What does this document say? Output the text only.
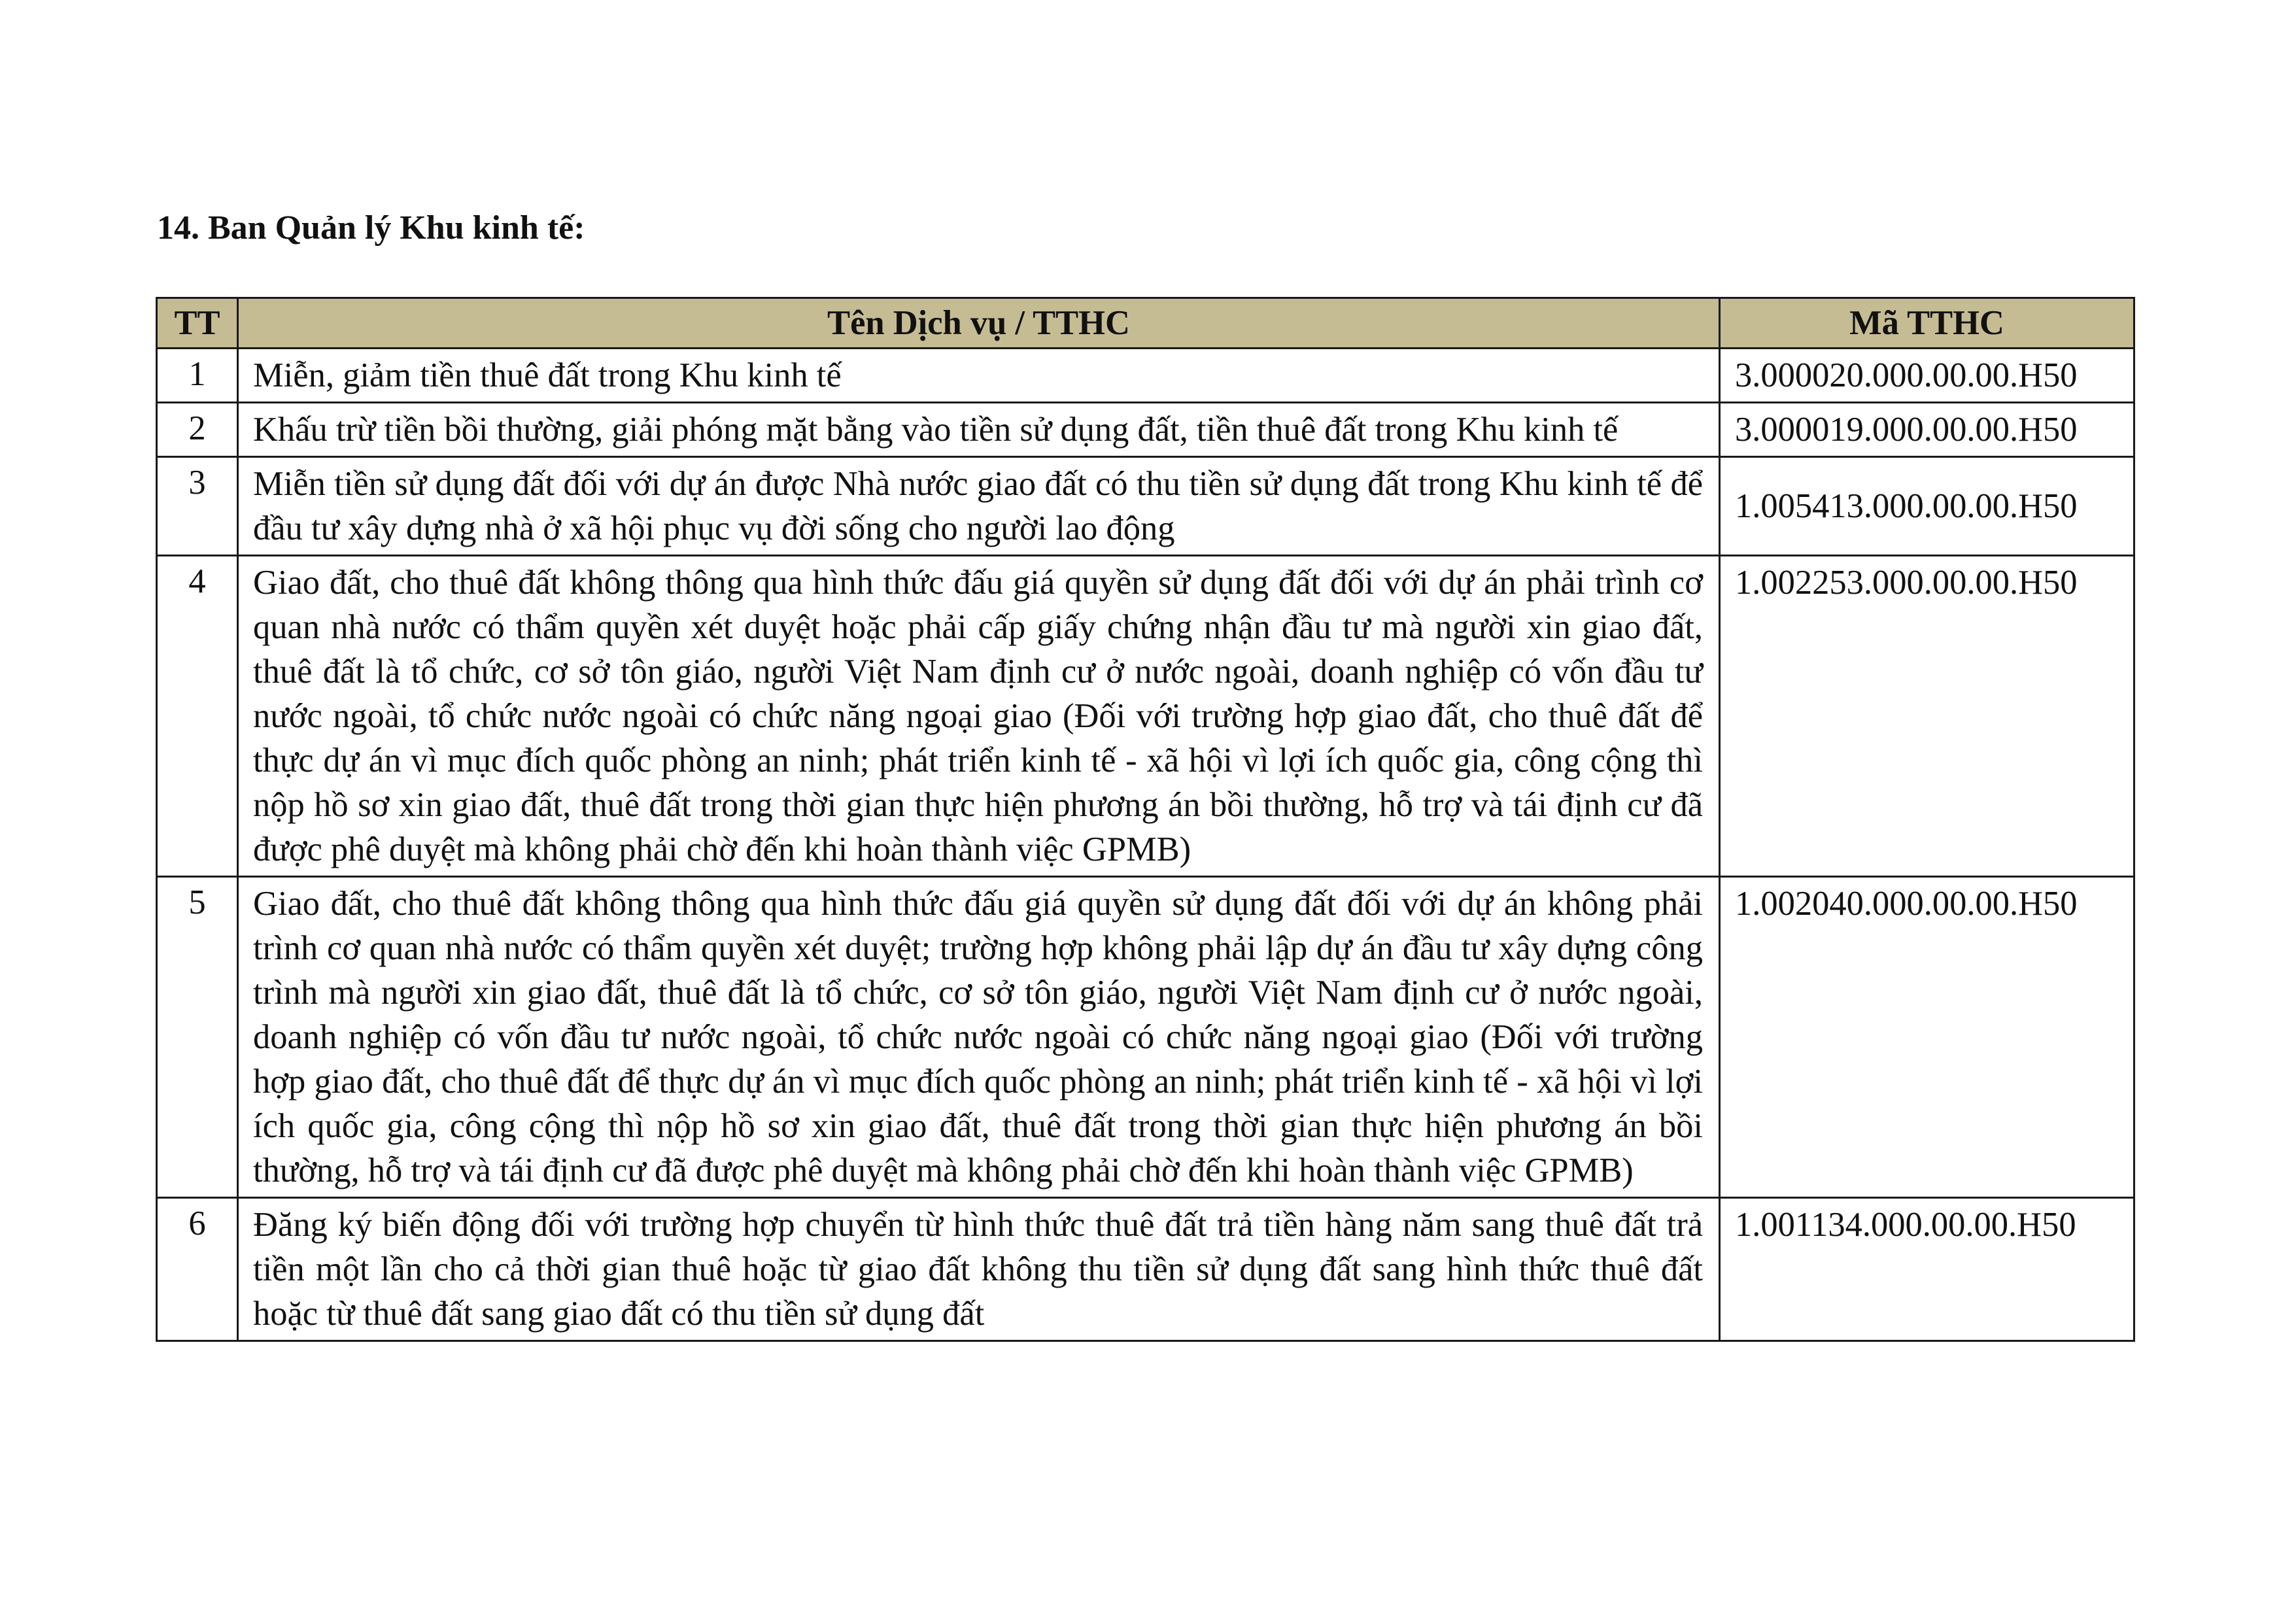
14. Ban Quản lý Khu kinh tế:
TT	Tên Dịch vụ / TTHC	Mã TTHC
1	Miễn, giảm tiền thuê đất trong Khu kinh tế	3.000020.000.00.00.H50
2	Khấu trừ tiền bồi thường, giải phóng mặt bằng vào tiền sử dụng đất, tiền thuê đất trong Khu kinh tế	3.000019.000.00.00.H50
3	Miễn tiền sử dụng đất đối với dự án được Nhà nước giao đất có thu tiền sử dụng đất trong Khu kinh tế để đầu tư xây dựng nhà ở xã hội phục vụ đời sống cho người lao động	1.005413.000.00.00.H50
4	Giao đất, cho thuê đất không thông qua hình thức đấu giá quyền sử dụng đất đối với dự án phải trình cơ quan nhà nước có thẩm quyền xét duyệt hoặc phải cấp giấy chứng nhận đầu tư mà người xin giao đất, thuê đất là tổ chức, cơ sở tôn giáo, người Việt Nam định cư ở nước ngoài, doanh nghiệp có vốn đầu tư nước ngoài, tổ chức nước ngoài có chức năng ngoại giao (Đối với trường hợp giao đất, cho thuê đất để thực dự án vì mục đích quốc phòng an ninh; phát triển kinh tế - xã hội vì lợi ích quốc gia, công cộng thì nộp hồ sơ xin giao đất, thuê đất trong thời gian thực hiện phương án bồi thường, hỗ trợ và tái định cư đã được phê duyệt mà không phải chờ đến khi hoàn thành việc GPMB)	1.002253.000.00.00.H50
5	Giao đất, cho thuê đất không thông qua hình thức đấu giá quyền sử dụng đất đối với dự án không phải trình cơ quan nhà nước có thẩm quyền xét duyệt; trường hợp không phải lập dự án đầu tư xây dựng công trình mà người xin giao đất, thuê đất là tổ chức, cơ sở tôn giáo, người Việt Nam định cư ở nước ngoài, doanh nghiệp có vốn đầu tư nước ngoài, tổ chức nước ngoài có chức năng ngoại giao (Đối với trường hợp giao đất, cho thuê đất để thực dự án vì mục đích quốc phòng an ninh; phát triển kinh tế - xã hội vì lợi ích quốc gia, công cộng thì nộp hồ sơ xin giao đất, thuê đất trong thời gian thực hiện phương án bồi thường, hỗ trợ và tái định cư đã được phê duyệt mà không phải chờ đến khi hoàn thành việc GPMB)	1.002040.000.00.00.H50
6	Đăng ký biến động đối với trường hợp chuyển từ hình thức thuê đất trả tiền hàng năm sang thuê đất trả tiền một lần cho cả thời gian thuê hoặc từ giao đất không thu tiền sử dụng đất sang hình thức thuê đất hoặc từ thuê đất sang giao đất có thu tiền sử dụng đất	1.001134.000.00.00.H50
